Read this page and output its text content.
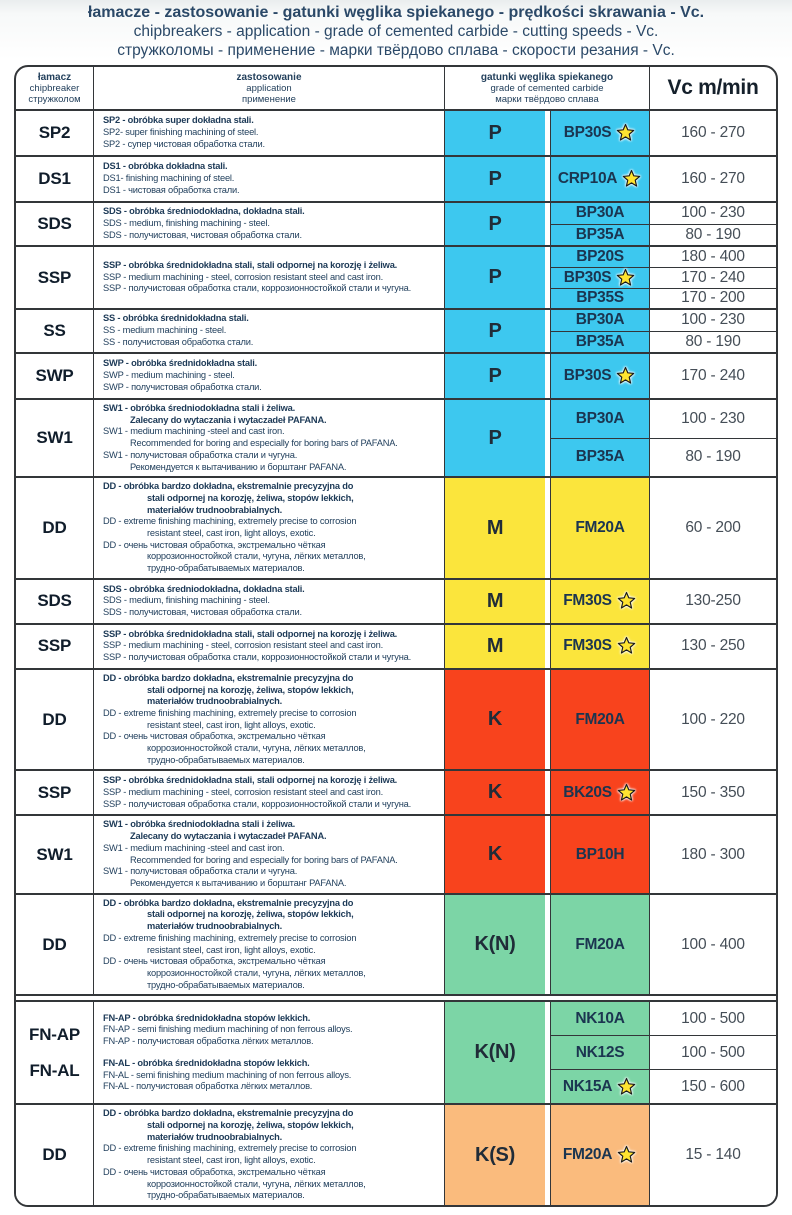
łamacze - zastosowanie - gatunki węglika spiekanego - prędkości skrawania - Vc.
chipbreakers - application - grade of cemented carbide - cutting speeds - Vc.
стружколомы - применение - марки твёрдово сплава - скорости резания - Vc.
łamacz
chipbreaker
стружколом
zastosowanie
application
применение
gatunki węglika spiekanego
grade of cemented carbide
марки твёрдово сплава	Vc m/min
SP2
SP2 - obróbka super dokładna stali.
SP2- super finishing machining of steel.
SP2 - супер чистовая обработка стали.
P	BP30S	160 - 270
DS1
DS1 - obróbka dokładna stali.
DS1- finishing machining of steel.
DS1 - чистовая обработка стали.
P	CRP10A	160 - 270
SDS
SDS - obróbka średniodokładna, dokładna stali.
SDS - medium, finishing machining - steel.
SDS - получистовая, чистовая обработка стали.
P	BP30A	100 - 230
BP35A	80 - 190
SSP
SSP - obróbka średnidokładna stali, stali odpornej na korozję i żeliwa.
SSP - medium machining - steel, corrosion resistant steel and cast iron.
SSP - получистовая обработка стали, коррозионностойкой стали и чугуна.
P
BP20S	180 - 400
BP30S	170 - 240
BP35S	170 - 200
SS
SS - obróbka średnidokładna stali.
SS - medium machining - steel.
SS - получистовая обработка стали.
P	BP30A	100 - 230
BP35A	80 - 190
SWP
SWP - obróbka średnidokładna stali.
SWP - medium machining - steel.
SWP - получистовая обработка стали.
P	BP30S	170 - 240
SW1
SW1 - obróbka średniodokładna stali i żeliwa.
Zalecany do wytaczania i wytaczadeł PAFANA.
SW1 - medium machining -steel and cast iron.
Recommended for boring and especially for boring bars of PAFANA.
SW1 - получистовая обработка стали и чугуна.
Рекомендуется к вытачиванию и борштанг PAFANA.
P
BP30A	100 - 230
BP35A	80 - 190
DD
DD - obróbka bardzo dokładna, ekstremalnie precyzyjna do
stali odpornej na korozję, żeliwa, stopów lekkich,
materiałów trudnoobrabialnych.
DD - extreme finishing machining, extremely precise to corrosion
resistant steel, cast iron, light alloys, exotic.
DD - очень чистовая обработка, экстремально чёткая
коррозионностойкой стали, чугуна, лёгких металлов,
трудно-обрабатываемых материалов.
M	FM20A	60 - 200
SDS
SDS - obróbka średniodokładna, dokładna stali.
SDS - medium, finishing machining - steel.
SDS - получистовая, чистовая обработка стали.
M	FM30S	130-250
SSP
SSP - obróbka średnidokładna stali, stali odpornej na korozję i żeliwa.
SSP - medium machining - steel, corrosion resistant steel and cast iron.
SSP - получистовая обработка стали, коррозионностойкой стали и чугуна.
M	FM30S	130 - 250
DD
DD - obróbka bardzo dokładna, ekstremalnie precyzyjna do
stali odpornej na korozję, żeliwa, stopów lekkich,
materiałów trudnoobrabialnych.
DD - extreme finishing machining, extremely precise to corrosion
resistant steel, cast iron, light alloys, exotic.
DD - очень чистовая обработка, экстремально чёткая
коррозионностойкой стали, чугуна, лёгких металлов,
трудно-обрабатываемых материалов.
K	FM20A	100 - 220
SSP
SSP - obróbka średnidokładna stali, stali odpornej na korozję i żeliwa.
SSP - medium machining - steel, corrosion resistant steel and cast iron.
SSP - получистовая обработка стали, коррозионностойкой стали и чугуна.
K	BK20S	150 - 350
SW1
SW1 - obróbka średniodokładna stali i żeliwa.
Zalecany do wytaczania i wytaczadeł PAFANA.
SW1 - medium machining -steel and cast iron.
Recommended for boring and especially for boring bars of PAFANA.
SW1 - получистовая обработка стали и чугуна.
Рекомендуется к вытачиванию и борштанг PAFANA.
K	BP10H	180 - 300
DD
DD - obróbka bardzo dokładna, ekstremalnie precyzyjna do
stali odpornej na korozję, żeliwa, stopów lekkich,
materiałów trudnoobrabialnych.
DD - extreme finishing machining, extremely precise to corrosion
resistant steel, cast iron, light alloys, exotic.
DD - очень чистовая обработка, экстремально чёткая
коррозионностойкой стали, чугуна, лёгких металлов,
трудно-обрабатываемых материалов.
K(N)	FM20A	100 - 400
FN-AP
FN-AL
FN-AP - obróbka średnidokładna stopów lekkich.
FN-AP - semi finishing medium machining of non ferrous alloys.
FN-AP - получистовая обработка лёгких металлов.
FN-AL - obróbka średnidokładna stopów lekkich.
FN-AL - semi finishing medium machining of non ferrous alloys.
FN-AL - получистовая обработка лёгких металлов.
K(N)
NK10A	100 - 500
NK12S	100 - 500
NK15A	150 - 600
DD
DD - obróbka bardzo dokładna, ekstremalnie precyzyjna do
stali odpornej na korozję, żeliwa, stopów lekkich,
materiałów trudnoobrabialnych.
DD - extreme finishing machining, extremely precise to corrosion
resistant steel, cast iron, light alloys, exotic.
DD - очень чистовая обработка, экстремально чёткая
коррозионностойкой стали, чугуна, лёгких металлов,
трудно-обрабатываемых материалов.
K(S)	FM20A	15 - 140
